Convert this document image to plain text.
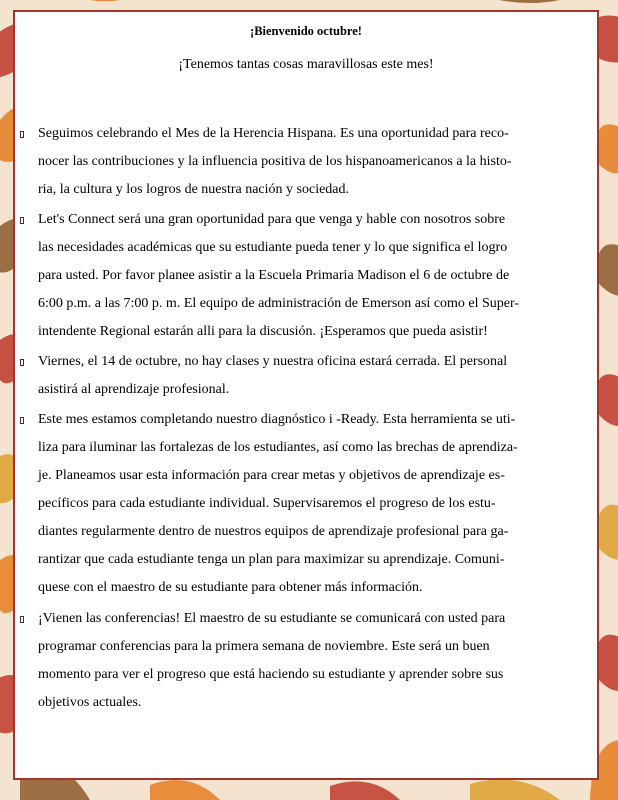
¡Bienvenido octubre!
¡Tenemos tantas cosas maravillosas este mes!
Seguimos celebrando el Mes de la Herencia Hispana. Es una oportunidad para reco-
nocer las contribuciones y la influencia positiva de los hispanoamericanos a la histo-
ria, la cultura y los logros de nuestra nación y sociedad.
Let's Connect será una gran oportunidad para que venga y hable con nosotros sobre
las necesidades académicas que su estudiante pueda tener y lo que significa el logro
para usted. Por favor planee asistir a la Escuela Primaria Madison el 6 de octubre de
6:00 p.m. a las 7:00 p. m. El equipo de administración de Emerson así como el Super-
intendente Regional estarán alli para la discusión. ¡Esperamos que pueda asistir!
Viernes, el 14 de octubre, no hay clases y nuestra oficina estará cerrada. El personal
asistirá al aprendizaje profesional.
Este mes estamos completando nuestro diagnóstico i -Ready. Esta herramienta se uti-
liza para iluminar las fortalezas de los estudiantes, así como las brechas de aprendiza-
je. Planeamos usar esta información para crear metas y objetivos de aprendizaje es-
pecíficos para cada estudiante individual. Supervisaremos el progreso de los estu-
diantes regularmente dentro de nuestros equipos de aprendizaje profesional para ga-
rantizar que cada estudiante tenga un plan para maximizar su aprendizaje. Comuni-
quese con el maestro de su estudiante para obtener más información.
¡Vienen las conferencias! El maestro de su estudiante se comunicará con usted para
programar conferencias para la primera semana de noviembre. Este será un buen
momento para ver el progreso que está haciendo su estudiante y aprender sobre sus
objetivos actuales.
